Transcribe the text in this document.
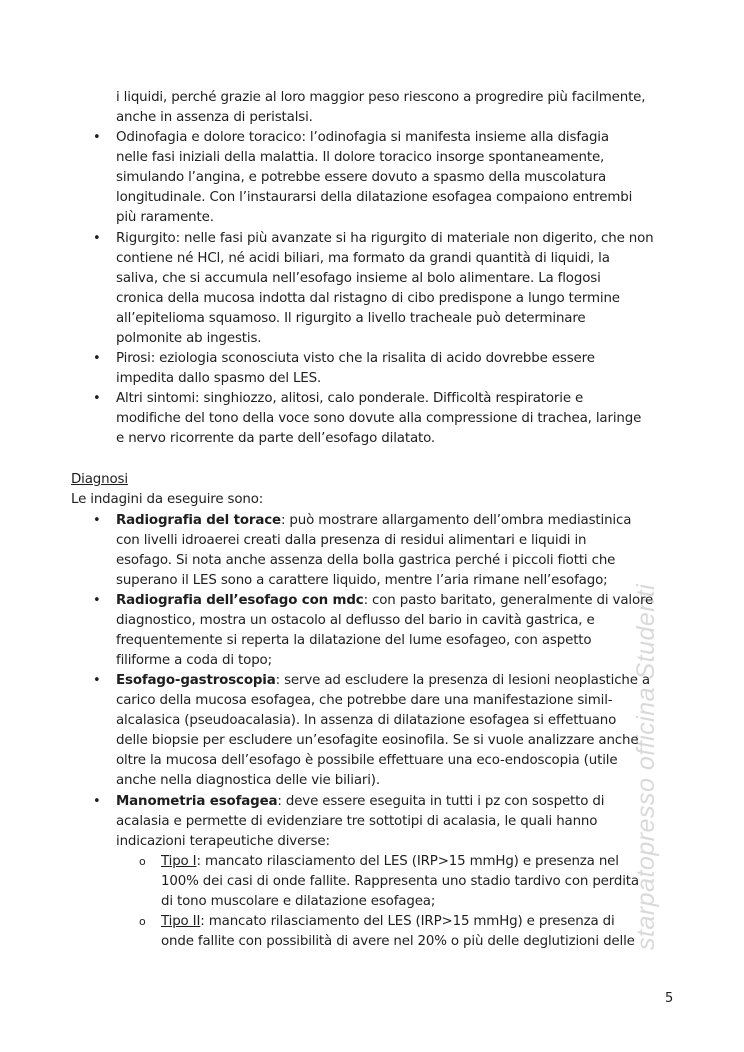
starpatopresso officina Studenti
i liquidi, perché grazie al loro maggior peso riescono a progredire più facilmente,
anche in assenza di peristalsi.
• Odinofagia e dolore toracico: l’odinofagia si manifesta insieme alla disfagia
nelle fasi iniziali della malattia. Il dolore toracico insorge spontaneamente,
simulando l’angina, e potrebbe essere dovuto a spasmo della muscolatura
longitudinale. Con l’instaurarsi della dilatazione esofagea compaiono entrembi
più raramente.
• Rigurgito: nelle fasi più avanzate si ha rigurgito di materiale non digerito, che non
contiene né HCl, né acidi biliari, ma formato da grandi quantità di liquidi, la
saliva, che si accumula nell’esofago insieme al bolo alimentare. La flogosi
cronica della mucosa indotta dal ristagno di cibo predispone a lungo termine
all’epitelioma squamoso. Il rigurgito a livello tracheale può determinare
polmonite ab ingestis.
• Pirosi: eziologia sconosciuta visto che la risalita di acido dovrebbe essere
impedita dallo spasmo del LES.
• Altri sintomi: singhiozzo, alitosi, calo ponderale. Difficoltà respiratorie e
modifiche del tono della voce sono dovute alla compressione di trachea, laringe
e nervo ricorrente da parte dell’esofago dilatato.
Diagnosi
Le indagini da eseguire sono:
• Radiografia del torace: può mostrare allargamento dell’ombra mediastinica
con livelli idroaerei creati dalla presenza di residui alimentari e liquidi in
esofago. Si nota anche assenza della bolla gastrica perché i piccoli fiotti che
superano il LES sono a carattere liquido, mentre l’aria rimane nell’esofago;
• Radiografia dell’esofago con mdc: con pasto baritato, generalmente di valore
diagnostico, mostra un ostacolo al deflusso del bario in cavità gastrica, e
frequentemente si reperta la dilatazione del lume esofageo, con aspetto
filiforme a coda di topo;
• Esofago-gastroscopia: serve ad escludere la presenza di lesioni neoplastiche a
carico della mucosa esofagea, che potrebbe dare una manifestazione simil-
alcalasica (pseudoacalasia). In assenza di dilatazione esofagea si effettuano
delle biopsie per escludere un’esofagite eosinofila. Se si vuole analizzare anche
oltre la mucosa dell’esofago è possibile effettuare una eco-endoscopia (utile
anche nella diagnostica delle vie biliari).
• Manometria esofagea: deve essere eseguita in tutti i pz con sospetto di
acalasia e permette di evidenziare tre sottotipi di acalasia, le quali hanno
indicazioni terapeutiche diverse:
o Tipo I: mancato rilasciamento del LES (IRP>15 mmHg) e presenza nel
100% dei casi di onde fallite. Rappresenta uno stadio tardivo con perdita
di tono muscolare e dilatazione esofagea;
o Tipo II: mancato rilasciamento del LES (IRP>15 mmHg) e presenza di
onde fallite con possibilità di avere nel 20% o più delle deglutizioni delle
5
